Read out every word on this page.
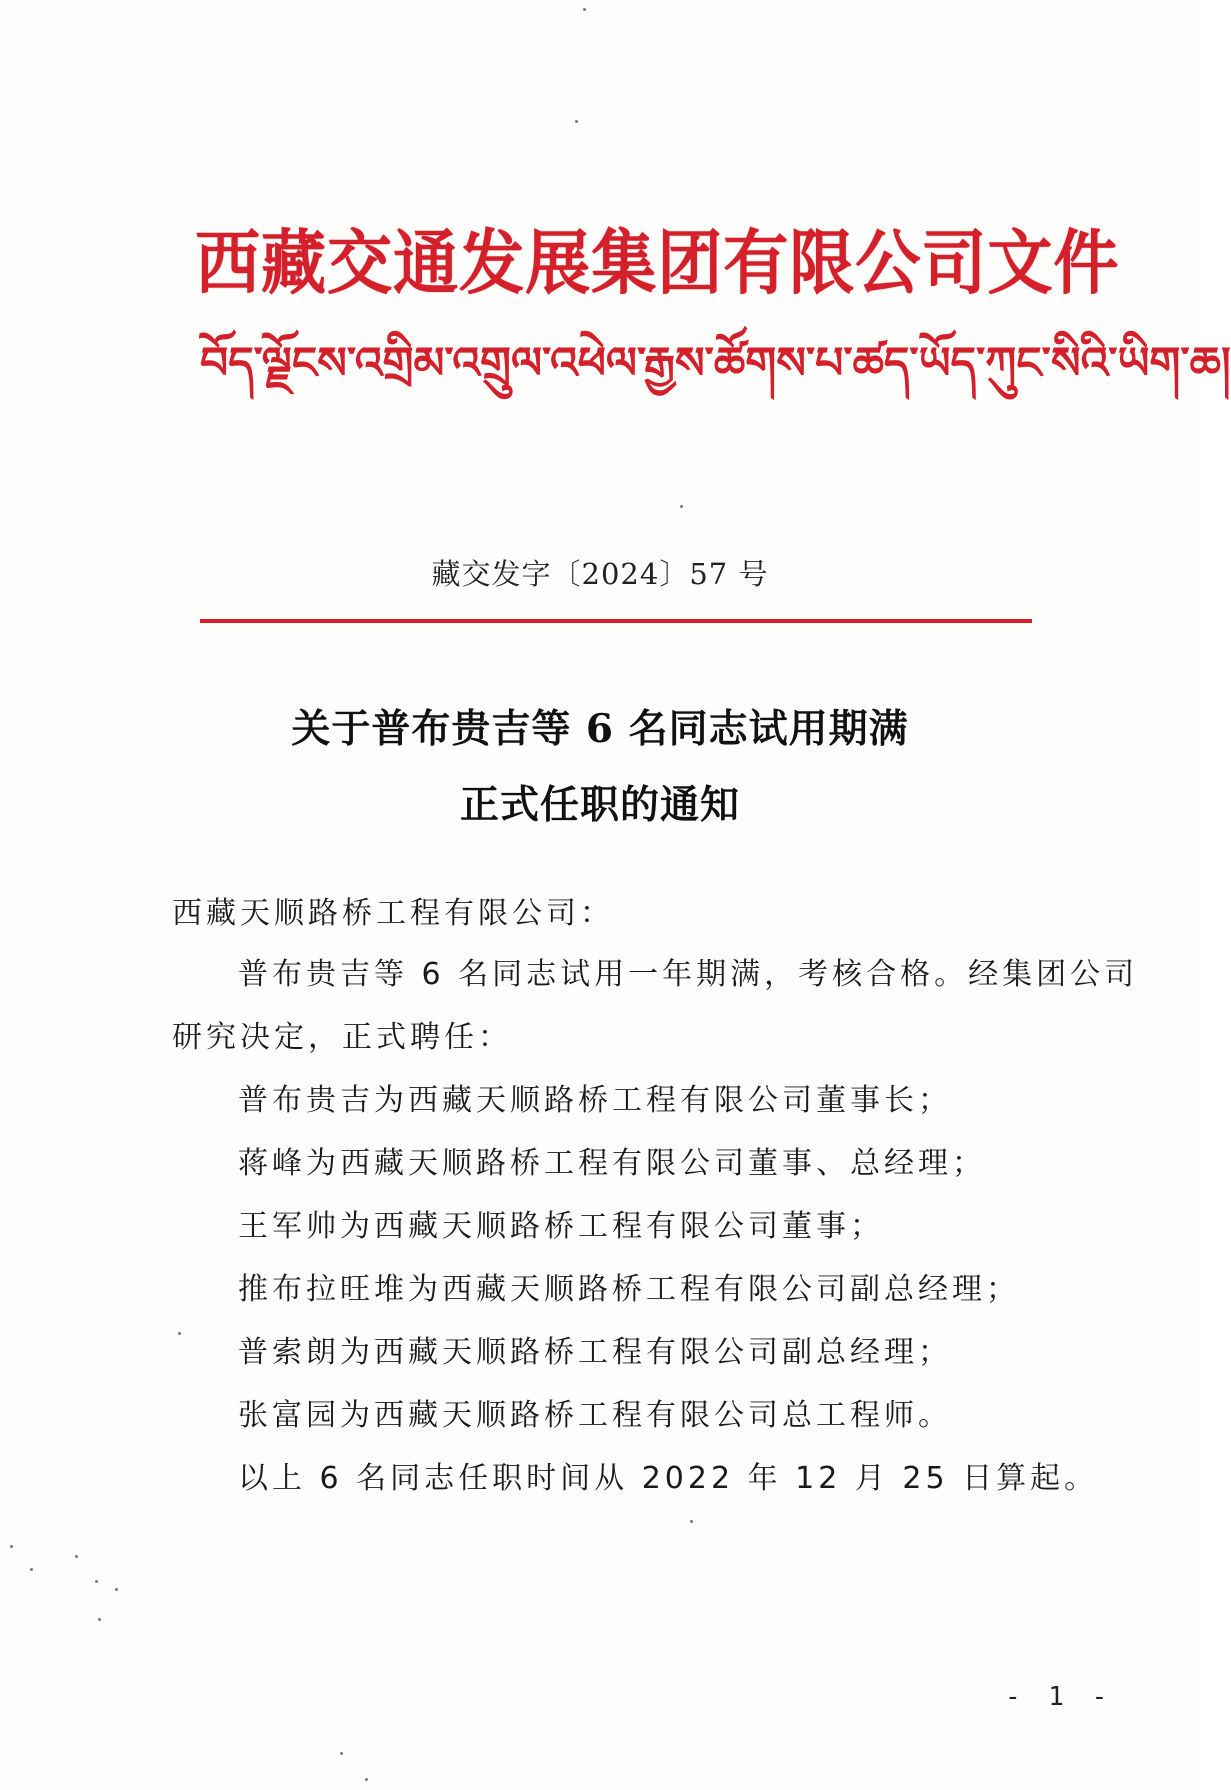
西藏交通发展集团有限公司文件
བོད་ལྗོངས་འགྲིམ་འགྲུལ་འཕེལ་རྒྱས་ཚོགས་པ་ཚད་ཡོད་ཀུང་སིའི་ཡིག་ཆ།
藏交发字〔2024〕57 号
关于普布贵吉等 6 名同志试用期满
正式任职的通知
西藏天顺路桥工程有限公司：
普布贵吉等 6 名同志试用一年期满，考核合格。经集团公司
研究决定，正式聘任：
普布贵吉为西藏天顺路桥工程有限公司董事长；
蒋峰为西藏天顺路桥工程有限公司董事、总经理；
王军帅为西藏天顺路桥工程有限公司董事；
推布拉旺堆为西藏天顺路桥工程有限公司副总经理；
普索朗为西藏天顺路桥工程有限公司副总经理；
张富园为西藏天顺路桥工程有限公司总工程师。
以上 6 名同志任职时间从 2022 年 12 月 25 日算起。
- 1 -
